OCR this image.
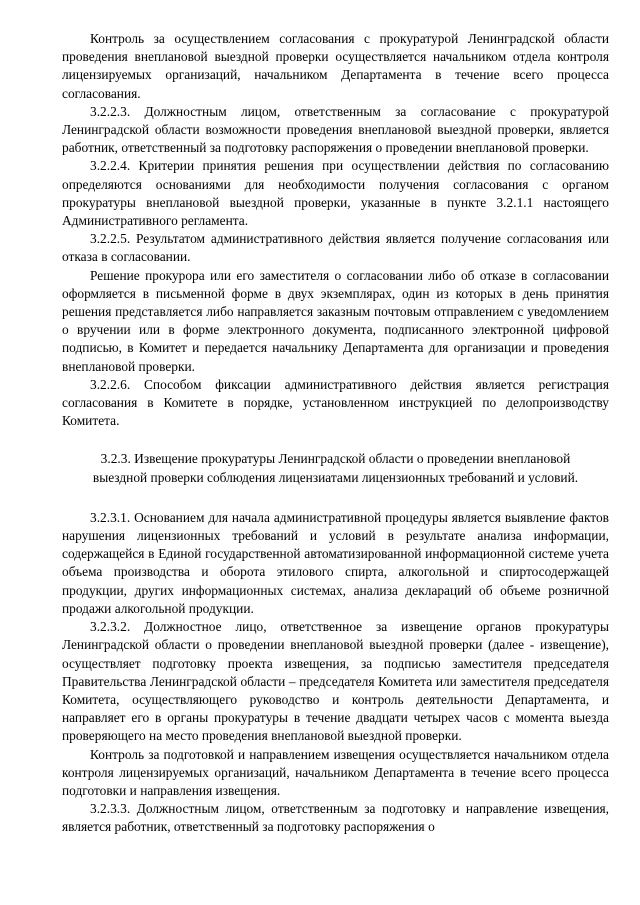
Контроль за осуществлением согласования с прокуратурой Ленинградской области проведения внеплановой выездной проверки осуществляется начальником отдела контроля лицензируемых организаций, начальником Департамента в течение всего процесса согласования.

3.2.2.3. Должностным лицом, ответственным за согласование с прокуратурой Ленинградской области возможности проведения внеплановой выездной проверки, является работник, ответственный за подготовку распоряжения о проведении внеплановой проверки.

3.2.2.4. Критерии принятия решения при осуществлении действия по согласованию определяются основаниями для необходимости получения согласования с органом прокуратуры внеплановой выездной проверки, указанные в пункте 3.2.1.1 настоящего Административного регламента.

3.2.2.5. Результатом административного действия является получение согласования или отказа в согласовании.

Решение прокурора или его заместителя о согласовании либо об отказе в согласовании оформляется в письменной форме в двух экземплярах, один из которых в день принятия решения представляется либо направляется заказным почтовым отправлением с уведомлением о вручении или в форме электронного документа, подписанного электронной цифровой подписью, в Комитет и передается начальнику Департамента для организации и проведения внеплановой проверки.

3.2.2.6. Способом фиксации административного действия является регистрация согласования в Комитете в порядке, установленном инструкцией по делопроизводству Комитета.

3.2.3. Извещение прокуратуры Ленинградской области о проведении внеплановой выездной проверки соблюдения лицензиатами лицензионных требований и условий.

3.2.3.1. Основанием для начала административной процедуры является выявление фактов нарушения лицензионных требований и условий в результате анализа информации, содержащейся в Единой государственной автоматизированной информационной системе учета объема производства и оборота этилового спирта, алкогольной и спиртосодержащей продукции, других информационных системах, анализа деклараций об объеме розничной продажи алкогольной продукции.

3.2.3.2. Должностное лицо, ответственное за извещение органов прокуратуры Ленинградской области о проведении внеплановой выездной проверки (далее - извещение), осуществляет подготовку проекта извещения, за подписью заместителя председателя Правительства Ленинградской области – председателя Комитета или заместителя председателя Комитета, осуществляющего руководство и контроль деятельности Департамента, и направляет его в органы прокуратуры в течение двадцати четырех часов с момента выезда проверяющего на место проведения внеплановой выездной проверки.

Контроль за подготовкой и направлением извещения осуществляется начальником отдела контроля лицензируемых организаций, начальником Департамента в течение всего процесса подготовки и направления извещения.

3.2.3.3. Должностным лицом, ответственным за подготовку и направление извещения, является работник, ответственный за подготовку распоряжения о
